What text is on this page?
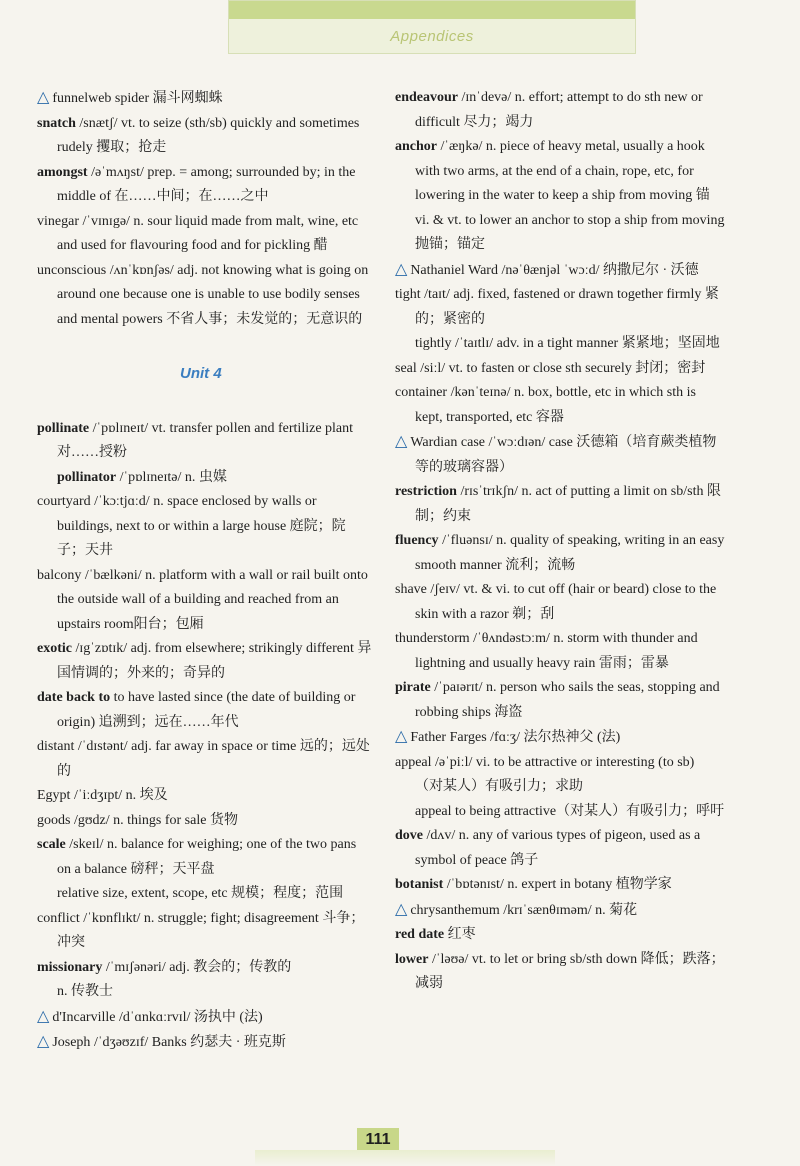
Appendices

△ funnelweb spider 漏斗网蜘蛛

snatch /snætʃ/ vt. to seize (sth/sb) quickly and sometimes rudely 攫取；抢走

amongst /əˈmʌŋst/ prep. = among; surrounded by; in the middle of 在……中间；在……之中

vinegar /ˈvɪnɪgə/ n. sour liquid made from malt, wine, etc and used for flavouring food and for pickling 醋

unconscious /ʌnˈkɒnʃəs/ adj. not knowing what is going on around one because one is unable to use bodily senses and mental powers 不省人事；未发觉的；无意识的

Unit 4

pollinate /ˈpɒlɪneɪt/ vt. transfer pollen and fertilize plant 对……授粉

pollinator /ˈpɒlɪneɪtə/ n. 虫媒

courtyard /ˈkɔːtjɑːd/ n. space enclosed by walls or buildings, next to or within a large house 庭院；院子；天井

balcony /ˈbælkəni/ n. platform with a wall or rail built onto the outside wall of a building and reached from an upstairs room阳台；包厢

exotic /ɪgˈzɒtɪk/ adj. from elsewhere; strikingly different 异国情调的；外来的；奇异的

date back to to have lasted since (the date of building or origin) 追溯到；远在……年代

distant /ˈdɪstənt/ adj. far away in space or time 远的；远处的

Egypt /ˈiːdʒɪpt/ n. 埃及

goods /gʊdz/ n. things for sale 货物

scale /skeɪl/ n. balance for weighing; one of the two pans on a balance 磅秤；天平盘

relative size, extent, scope, etc 规模；程度；范围

conflict /ˈkɒnflɪkt/ n. struggle; fight; disagreement 斗争；冲突

missionary /ˈmɪʃənəri/ adj. 教会的；传教的

n. 传教士

△ d'Incarville /dˈɑnkɑːrvɪl/ 汤执中 (法)

△ Joseph /ˈdʒəʊzɪf/ Banks 约瑟夫 · 班克斯

endeavour /ɪnˈdevə/ n. effort; attempt to do sth new or difficult 尽力；竭力

anchor /ˈæŋkə/ n. piece of heavy metal, usually a hook with two arms, at the end of a chain, rope, etc, for lowering in the water to keep a ship from moving 锚

vi. & vt. to lower an anchor to stop a ship from moving 抛锚；锚定

△ Nathaniel Ward /nəˈθænjəl ˈwɔːd/ 纳撒尼尔 · 沃德

tight /taɪt/ adj. fixed, fastened or drawn together firmly 紧的；紧密的

tightly /ˈtaɪtlɪ/ adv. in a tight manner 紧紧地；坚固地

seal /siːl/ vt. to fasten or close sth securely 封闭；密封

container /kənˈteɪnə/ n. box, bottle, etc in which sth is kept, transported, etc 容器

△ Wardian case /ˈwɔːdɪən/ case 沃德箱（培育蕨类植物等的玻璃容器）

restriction /rɪsˈtrɪkʃn/ n. act of putting a limit on sb/sth 限制；约束

fluency /ˈfluənsɪ/ n. quality of speaking, writing in an easy smooth manner 流利；流畅

shave /ʃeɪv/ vt. & vi. to cut off (hair or beard) close to the skin with a razor 剃；刮

thunderstorm /ˈθʌndəstɔːm/ n. storm with thunder and lightning and usually heavy rain 雷雨；雷暴

pirate /ˈpaɪərɪt/ n. person who sails the seas, stopping and robbing ships 海盗

△ Father Farges /fɑːʒ/ 法尔热神父 (法)

appeal /əˈpiːl/ vi. to be attractive or interesting (to sb) （对某人）有吸引力；求助

appeal to being attractive（对某人）有吸引力；呼吁

dove /dʌv/ n. any of various types of pigeon, used as a symbol of peace 鸽子

botanist /ˈbɒtənɪst/ n. expert in botany 植物学家

△ chrysanthemum /krɪˈsænθɪməm/ n. 菊花

red date 红枣

lower /ˈləʊə/ vt. to let or bring sb/sth down 降低；跌落；减弱

111
